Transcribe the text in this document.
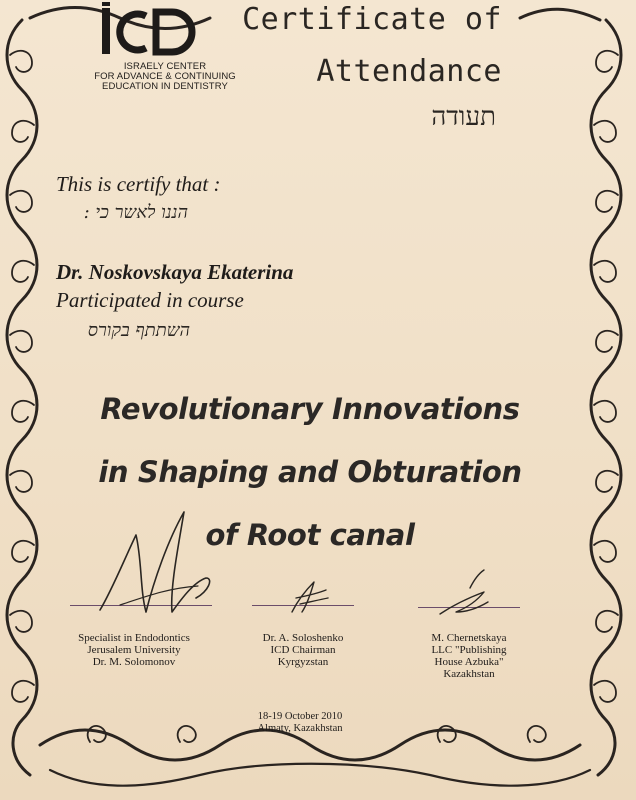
ISRAELY CENTER
FOR ADVANCE & CONTINUING
EDUCATION IN DENTISTRY
Certificate of
Attendance
תעודה
This is certify that :
הננו לאשר כי :
Dr. Noskovskaya Ekaterina
Participated in course
השתתף בקורס
Revolutionary Innovations
in Shaping and Obturation
of Root canal
Specialist in Endodontics
Jerusalem University
Dr. M. Solomonov
Dr. A. Soloshenko
ICD Chairman
Kyrgyzstan
M. Chernetskaya
LLC "Publishing
House Azbuka"
Kazakhstan
18-19 October 2010
Almaty, Kazakhstan
